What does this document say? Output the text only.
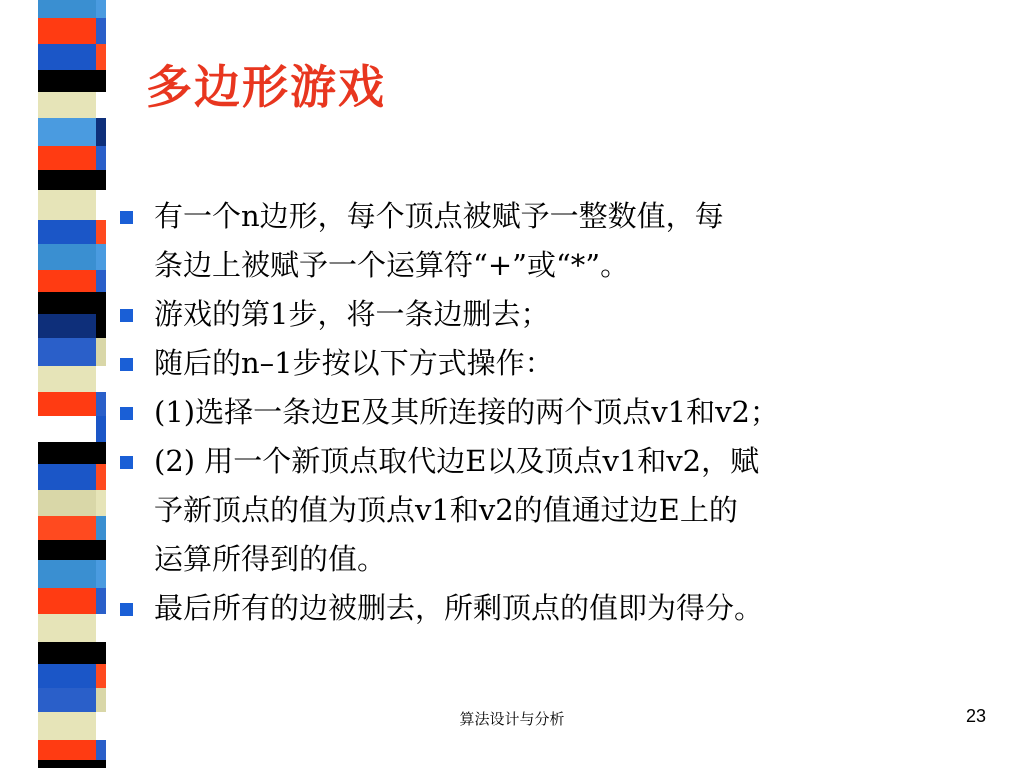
多边形游戏
有一个n边形，每个顶点被赋予一整数值，每
条边上被赋予一个运算符“+”或“*”。
游戏的第1步，将一条边删去；
随后的n–1步按以下方式操作：
(1)选择一条边E及其所连接的两个顶点v1和v2；
(2) 用一个新顶点取代边E以及顶点v1和v2，赋
予新顶点的值为顶点v1和v2的值通过边E上的
运算所得到的值。
最后所有的边被删去，所剩顶点的值即为得分。
算法设计与分析	23
